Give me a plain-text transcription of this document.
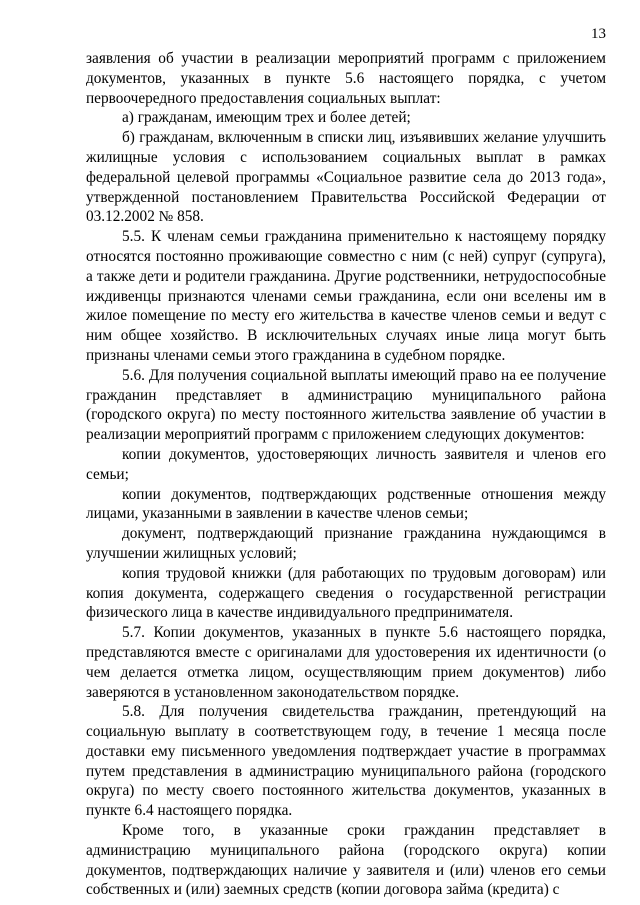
13

заявления об участии в реализации мероприятий программ с приложением документов, указанных в пункте 5.6 настоящего порядка, с учетом первоочередного предоставления социальных выплат:

а) гражданам, имеющим трех и более детей;

б) гражданам, включенным в списки лиц, изъявивших желание улучшить жилищные условия с использованием социальных выплат в рамках федеральной целевой программы «Социальное развитие села до 2013 года», утвержденной постановлением Правительства Российской Федерации от 03.12.2002 № 858.

5.5. К членам семьи гражданина применительно к настоящему порядку относятся постоянно проживающие совместно с ним (с ней) супруг (супруга), а также дети и родители гражданина. Другие родственники, нетрудоспособные иждивенцы признаются членами семьи гражданина, если они вселены им в жилое помещение по месту его жительства в качестве членов семьи и ведут с ним общее хозяйство. В исключительных случаях иные лица могут быть признаны членами семьи этого гражданина в судебном порядке.

5.6. Для получения социальной выплаты имеющий право на ее получение гражданин представляет в администрацию муниципального района (городского округа) по месту постоянного жительства заявление об участии в реализации мероприятий программ с приложением следующих документов:

копии документов, удостоверяющих личность заявителя и членов его семьи;

копии документов, подтверждающих родственные отношения между лицами, указанными в заявлении в качестве членов семьи;

документ, подтверждающий признание гражданина нуждающимся в улучшении жилищных условий;

копия трудовой книжки (для работающих по трудовым договорам) или копия документа, содержащего сведения о государственной регистрации физического лица в качестве индивидуального предпринимателя.

5.7. Копии документов, указанных в пункте 5.6 настоящего порядка, представляются вместе с оригиналами для удостоверения их идентичности (о чем делается отметка лицом, осуществляющим прием документов) либо заверяются в установленном законодательством порядке.

5.8. Для получения свидетельства гражданин, претендующий на социальную выплату в соответствующем году, в течение 1 месяца после доставки ему письменного уведомления подтверждает участие в программах путем представления в администрацию муниципального района (городского округа) по месту своего постоянного жительства документов, указанных в пункте 6.4 настоящего порядка.

Кроме того, в указанные сроки гражданин представляет в администрацию муниципального района (городского округа) копии документов, подтверждающих наличие у заявителя и (или) членов его семьи собственных и (или) заемных средств (копии договора займа (кредита) с
